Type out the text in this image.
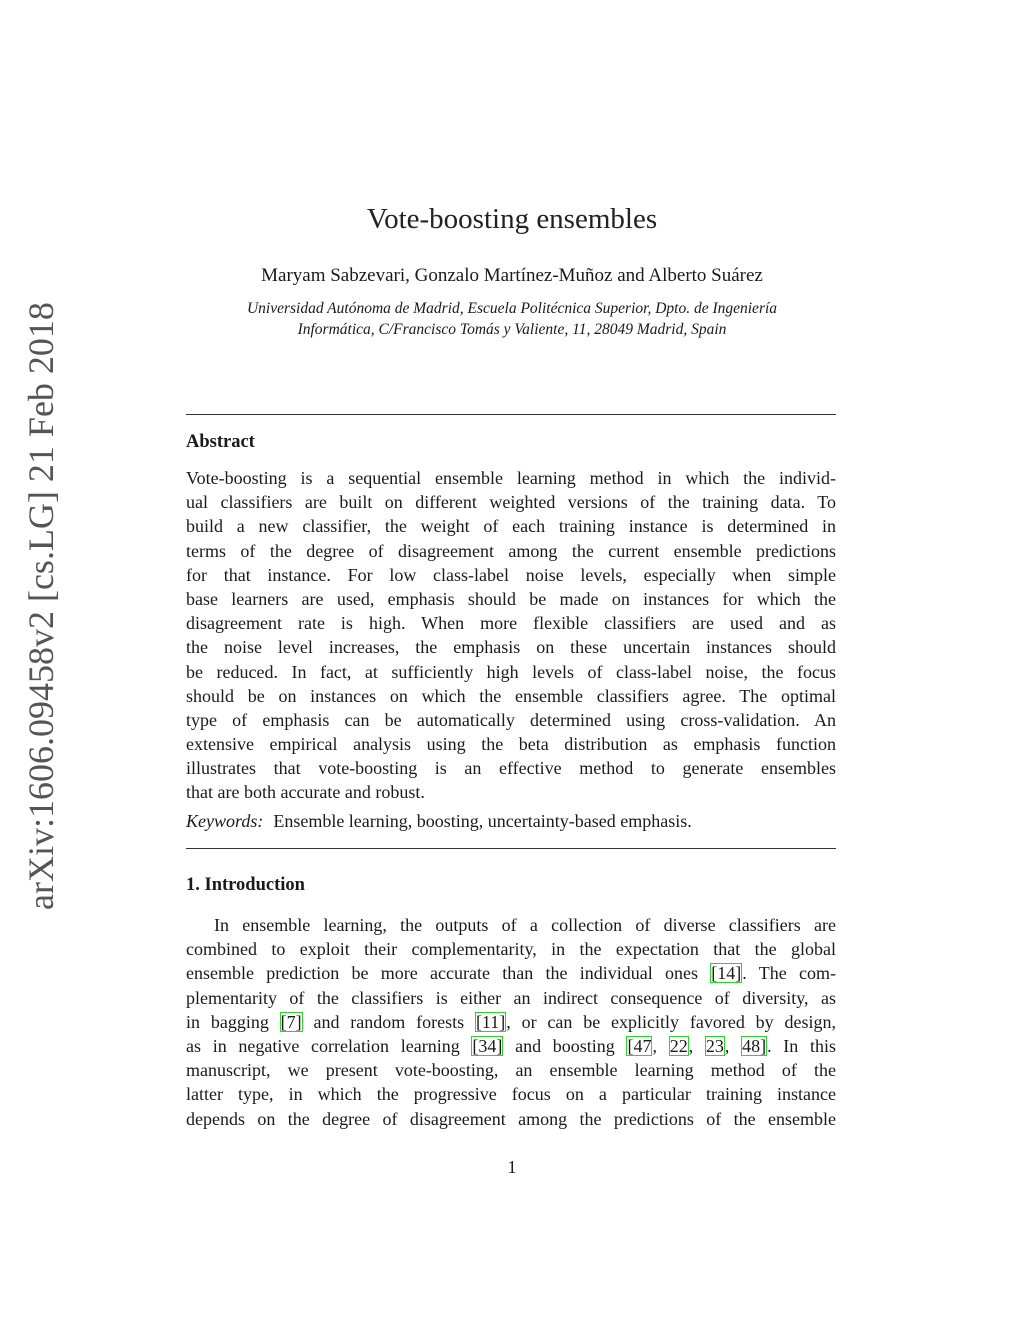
arXiv:1606.09458v2 [cs.LG] 21 Feb 2018
Vote-boosting ensembles
Maryam Sabzevari, Gonzalo Martínez-Muñoz and Alberto Suárez
Universidad Autónoma de Madrid, Escuela Politécnica Superior, Dpto. de Ingeniería
Informática, C/Francisco Tomás y Valiente, 11, 28049 Madrid, Spain
Abstract
Vote-boosting is a sequential ensemble learning method in which the individ-
ual classifiers are built on different weighted versions of the training data. To
build a new classifier, the weight of each training instance is determined in
terms of the degree of disagreement among the current ensemble predictions
for that instance. For low class-label noise levels, especially when simple
base learners are used, emphasis should be made on instances for which the
disagreement rate is high. When more flexible classifiers are used and as
the noise level increases, the emphasis on these uncertain instances should
be reduced. In fact, at sufficiently high levels of class-label noise, the focus
should be on instances on which the ensemble classifiers agree. The optimal
type of emphasis can be automatically determined using cross-validation. An
extensive empirical analysis using the beta distribution as emphasis function
illustrates that vote-boosting is an effective method to generate ensembles
that are both accurate and robust.
Keywords: Ensemble learning, boosting, uncertainty-based emphasis.
1. Introduction
In ensemble learning, the outputs of a collection of diverse classifiers are
combined to exploit their complementarity, in the expectation that the global
ensemble prediction be more accurate than the individual ones [14]. The com-
plementarity of the classifiers is either an indirect consequence of diversity, as
in bagging [7] and random forests [11], or can be explicitly favored by design,
as in negative correlation learning [34] and boosting [47, 22, 23, 48]. In this
manuscript, we present vote-boosting, an ensemble learning method of the
latter type, in which the progressive focus on a particular training instance
depends on the degree of disagreement among the predictions of the ensemble
1
